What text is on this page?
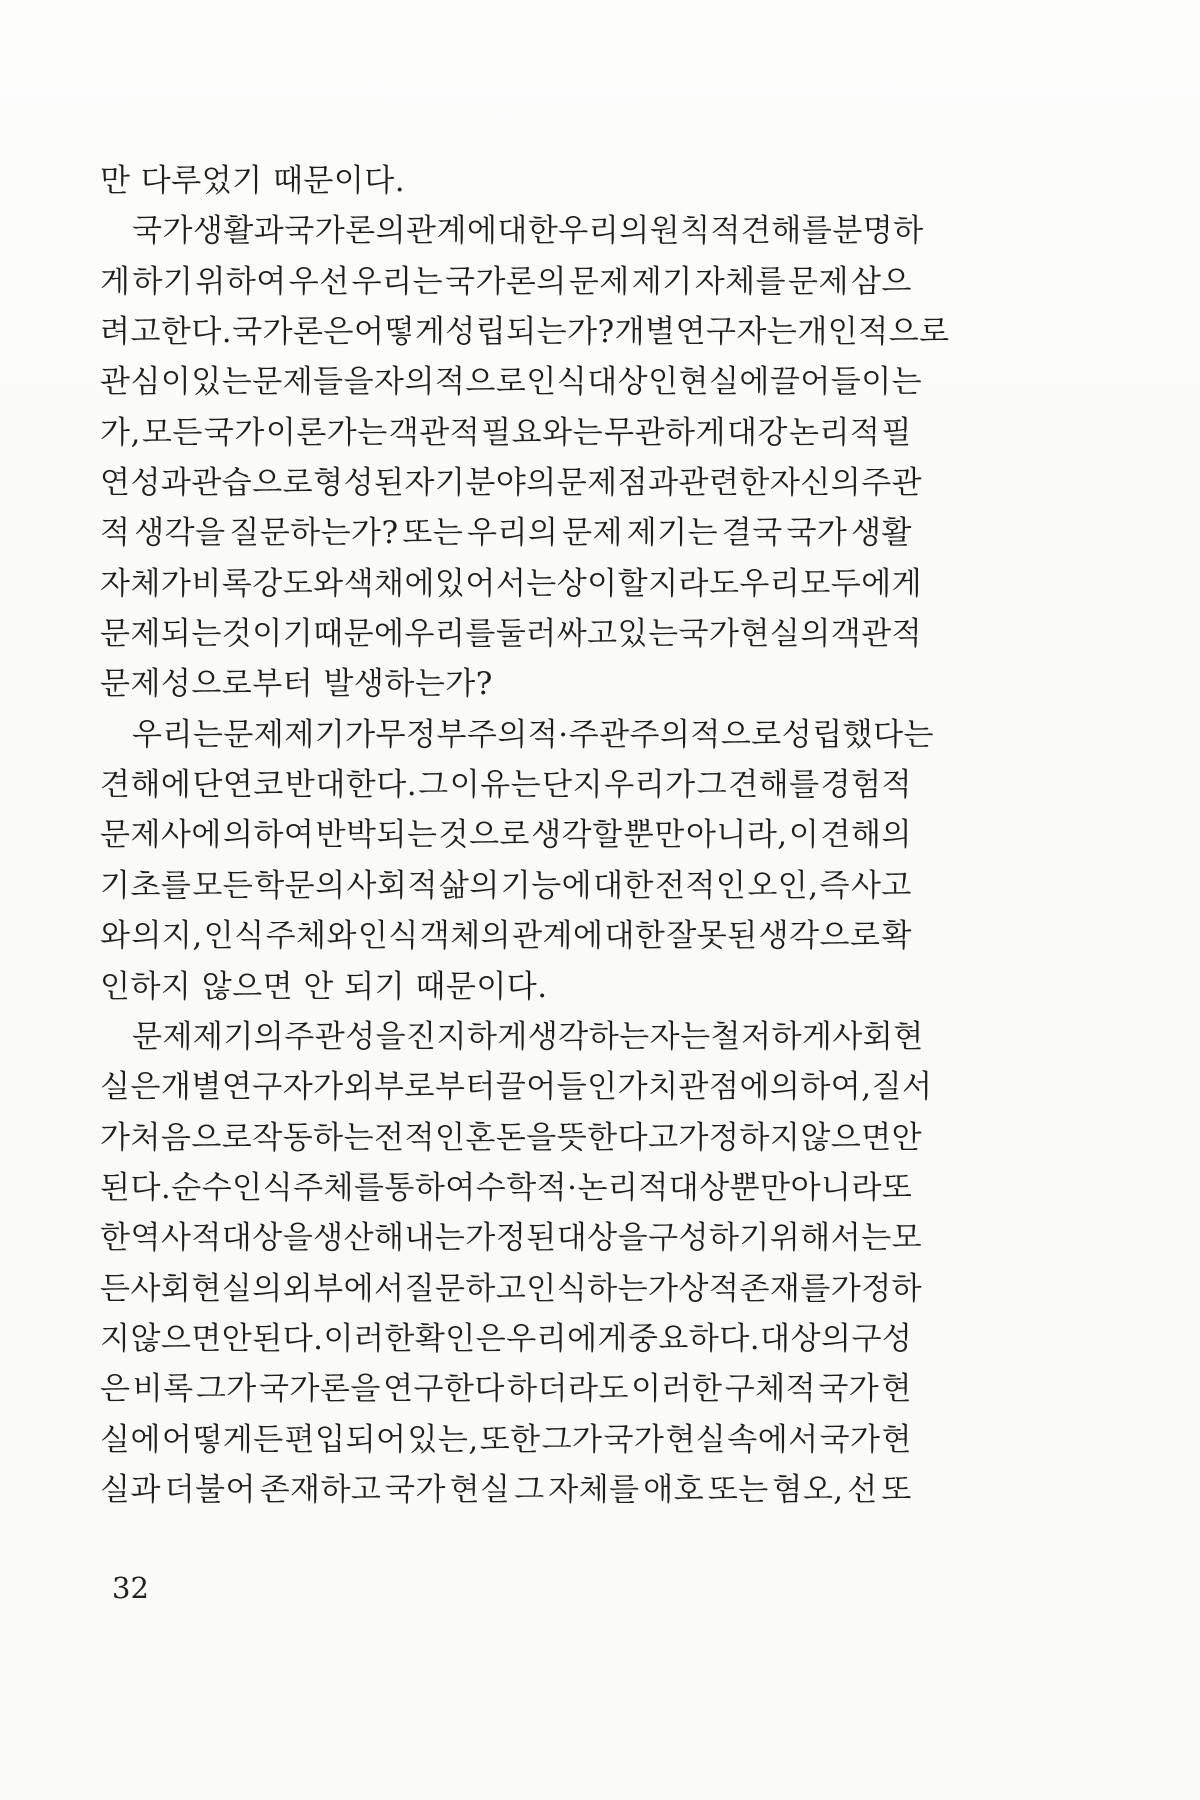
만 다루었기 때문이다.
국가 생활과 국가론의 관계에 대한 우리의 원칙적 견해를 분명하
게 하기 위하여 우선 우리는 국가론의 문제 제기 자체를 문제 삼으
려고 한다. 국가론은 어떻게 성립되는가? 개별 연구자는 개인적으로
관심이 있는 문제들을 자의적으로 인식 대상인 현실에 끌어들이는
가, 모든 국가 이론가는 객관적 필요와는 무관하게 대강 논리적 필
연성과 관습으로 형성된 자기 분야의 문제점과 관련한 자신의 주관
적 생각을 질문하는가? 또는 우리의 문제 제기는 결국 국가 생활
자체가 비록 강도와 색채에 있어서는 상이할지라도 우리 모두에게
문제되는 것이기 때문에 우리를 둘러싸고 있는 국가 현실의 객관적
문제성으로부터 발생하는가?
우리는 문제 제기가 무정부주의적·주관주의적으로 성립했다는
견해에 단연코 반대한다. 그 이유는 단지 우리가 그 견해를 경험적
문제사에 의하여 반박되는 것으로 생각할 뿐만 아니라, 이 견해의
기초를 모든 학문의 사회적 삶의 기능에 대한 전적인 오인, 즉 사고
와 의지, 인식 주체와 인식 객체의 관계에 대한 잘못된 생각으로 확
인하지 않으면 안 되기 때문이다.
문제 제기의 주관성을 진지하게 생각하는 자는 철저하게 사회 현
실은 개별 연구자가 외부로부터 끌어들인 가치 관점에 의하여, 질서
가 처음으로 작동하는 전적인 혼돈을 뜻한다고 가정하지 않으면 안
된다. 순수 인식 주체를 통하여 수학적·논리적 대상뿐만 아니라 또
한 역사적 대상을 생산해내는 가정된 대상을 구성하기 위해서는 모
든 사회 현실의 외부에서 질문하고 인식하는 가상적 존재를 가정하
지 않으면 안 된다. 이러한 확인은 우리에게 중요하다. 대상의 구성
은 비록 그가 국가론을 연구한다 하더라도 이러한 구체적 국가 현
실에 어떻게든 편입되어 있는, 또한 그가 국가 현실 속에서 국가 현
실과 더불어 존재하고 국가 현실 그 자체를 애호 또는 혐오, 선 또
32
